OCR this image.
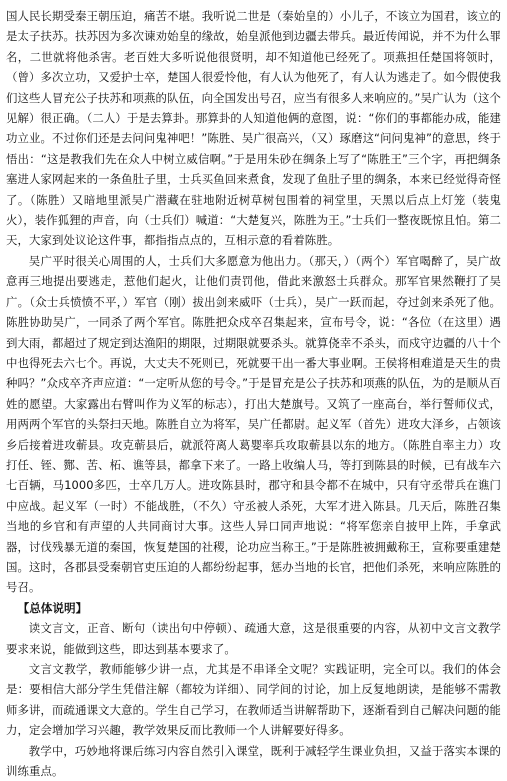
国人民长期受秦王朝压迫，痛苦不堪。我听说二世是（秦始皇的）小儿子，不该立为国君，该立的是太子扶苏。扶苏因为多次谏劝始皇的缘故，始皇派他到边疆去带兵。最近传闻说，并不为什么罪名，二世就将他杀害。老百姓大多听说他很贤明，却不知道他已经死了。项燕担任楚国将领时，（曾）多次立功，又爱护士卒，楚国人很爱怜他，有人认为他死了，有人认为逃走了。如今假使我们这些人冒充公子扶苏和项燕的队伍，向全国发出号召，应当有很多人来响应的。”吴广认为（这个见解）很正确。（二人）于是去算卦。那算卦的人知道他俩的意图，说：“你们的事都能办成，能建功立业。不过你们还是去问问鬼神吧！”陈胜、吴广很高兴，（又）琢磨这“问问鬼神”的意思，终于悟出：“这是教我们先在众人中树立威信啊。”于是用朱砂在绸条上写了“陈胜王”三个字，再把绸条塞进人家网起来的一条鱼肚子里，士兵买鱼回来煮食，发现了鱼肚子里的绸条，本来已经觉得奇怪了。（陈胜）又暗地里派吴广潜藏在驻地附近树草树包围着的祠堂里，天黑以后点上灯笼（装鬼火），装作狐狸的声音，向（士兵们）喊道：“大楚复兴，陈胜为王。”士兵们一整夜既惊且怕。第二天，大家到处议论这件事，都指指点点的，互相示意的看着陈胜。

吴广平时很关心周围的人，士兵们大多愿意为他出力。（那天，）（两个）军官喝醉了，吴广故意再三地提出要逃走，惹他们起火，让他们责罚他，借此来激怒士兵群众。那军官果然鞭打了吴广。（众士兵愤愤不平，）军官（刚）拔出剑来威吓（士兵），吴广一跃而起，夺过剑来杀死了他。陈胜协助吴广，一同杀了两个军官。陈胜把众戍卒召集起来，宣布号令，说：“各位（在这里）遇到大雨，都超过了规定到达渔阳的期限，过期限就要杀头。就算侥幸不杀头，而戍守边疆的八十个中也得死去六七个。再说，大丈夫不死则已，死就要干出一番大事业啊。王侯将相难道是天生的贵种吗？”众戍卒齐声应道：“一定听从您的号令。”于是冒充是公子扶苏和项燕的队伍，为的是顺从百姓的愿望。大家露出右臂叫作为义军的标志），打出大楚旗号。又筑了一座高台，举行誓师仪式，用两两个军官的头祭扫天地。陈胜自立为将军，吴广任都尉。起义军（首先）进攻大泽乡，占领该乡后接着进攻蕲县。攻克蕲县后，就派符离人葛婴率兵攻取蕲县以东的地方。（陈胜自率主力）攻打任、铚、酂、苦、柘、谯等县，都拿下来了。一路上收编人马，等打到陈县的时候，已有战车六七百辆，马1000多匹，士卒几万人。进攻陈县时，郡守和县令都不在城中，只有守丞带兵在谯门中应战。起义军（一时）不能战胜，（不久）守丞被人杀死，大军才进入陈县。几天后，陈胜召集当地的乡官和有声望的人共同商讨大事。这些人异口同声地说：“将军您亲自披甲上阵，手拿武器，讨伐残暴无道的秦国，恢复楚国的社稷，论功应当称王。”于是陈胜被拥戴称王，宣称要重建楚国。这时，各郡县受秦朝官吏压迫的人都纷纷起事，惩办当地的长官，把他们杀死，来响应陈胜的号召。

【总体说明】

读文言文，正音、断句（读出句中停顿）、疏通大意，这是很重要的内容，从初中文言文教学要求来说，能做到这些，即达到基本要求了。

文言文教学，教师能够少讲一点，尤其是不串译全文呢？实践证明，完全可以。我们的体会是：要相信大部分学生凭借注解（都较为详细）、同学间的讨论，加上反复地朗读，是能够不需教师多讲，而疏通课文大意的。学生自己学习，在教师适当讲解帮助下，逐渐看到自己解决问题的能力，定会增加学习兴趣，教学效果反而比教师一个人讲解要好得多。

教学中，巧妙地将课后练习内容自然引入课堂，既利于减轻学生课业负担，又益于落实本课的训练重点。
